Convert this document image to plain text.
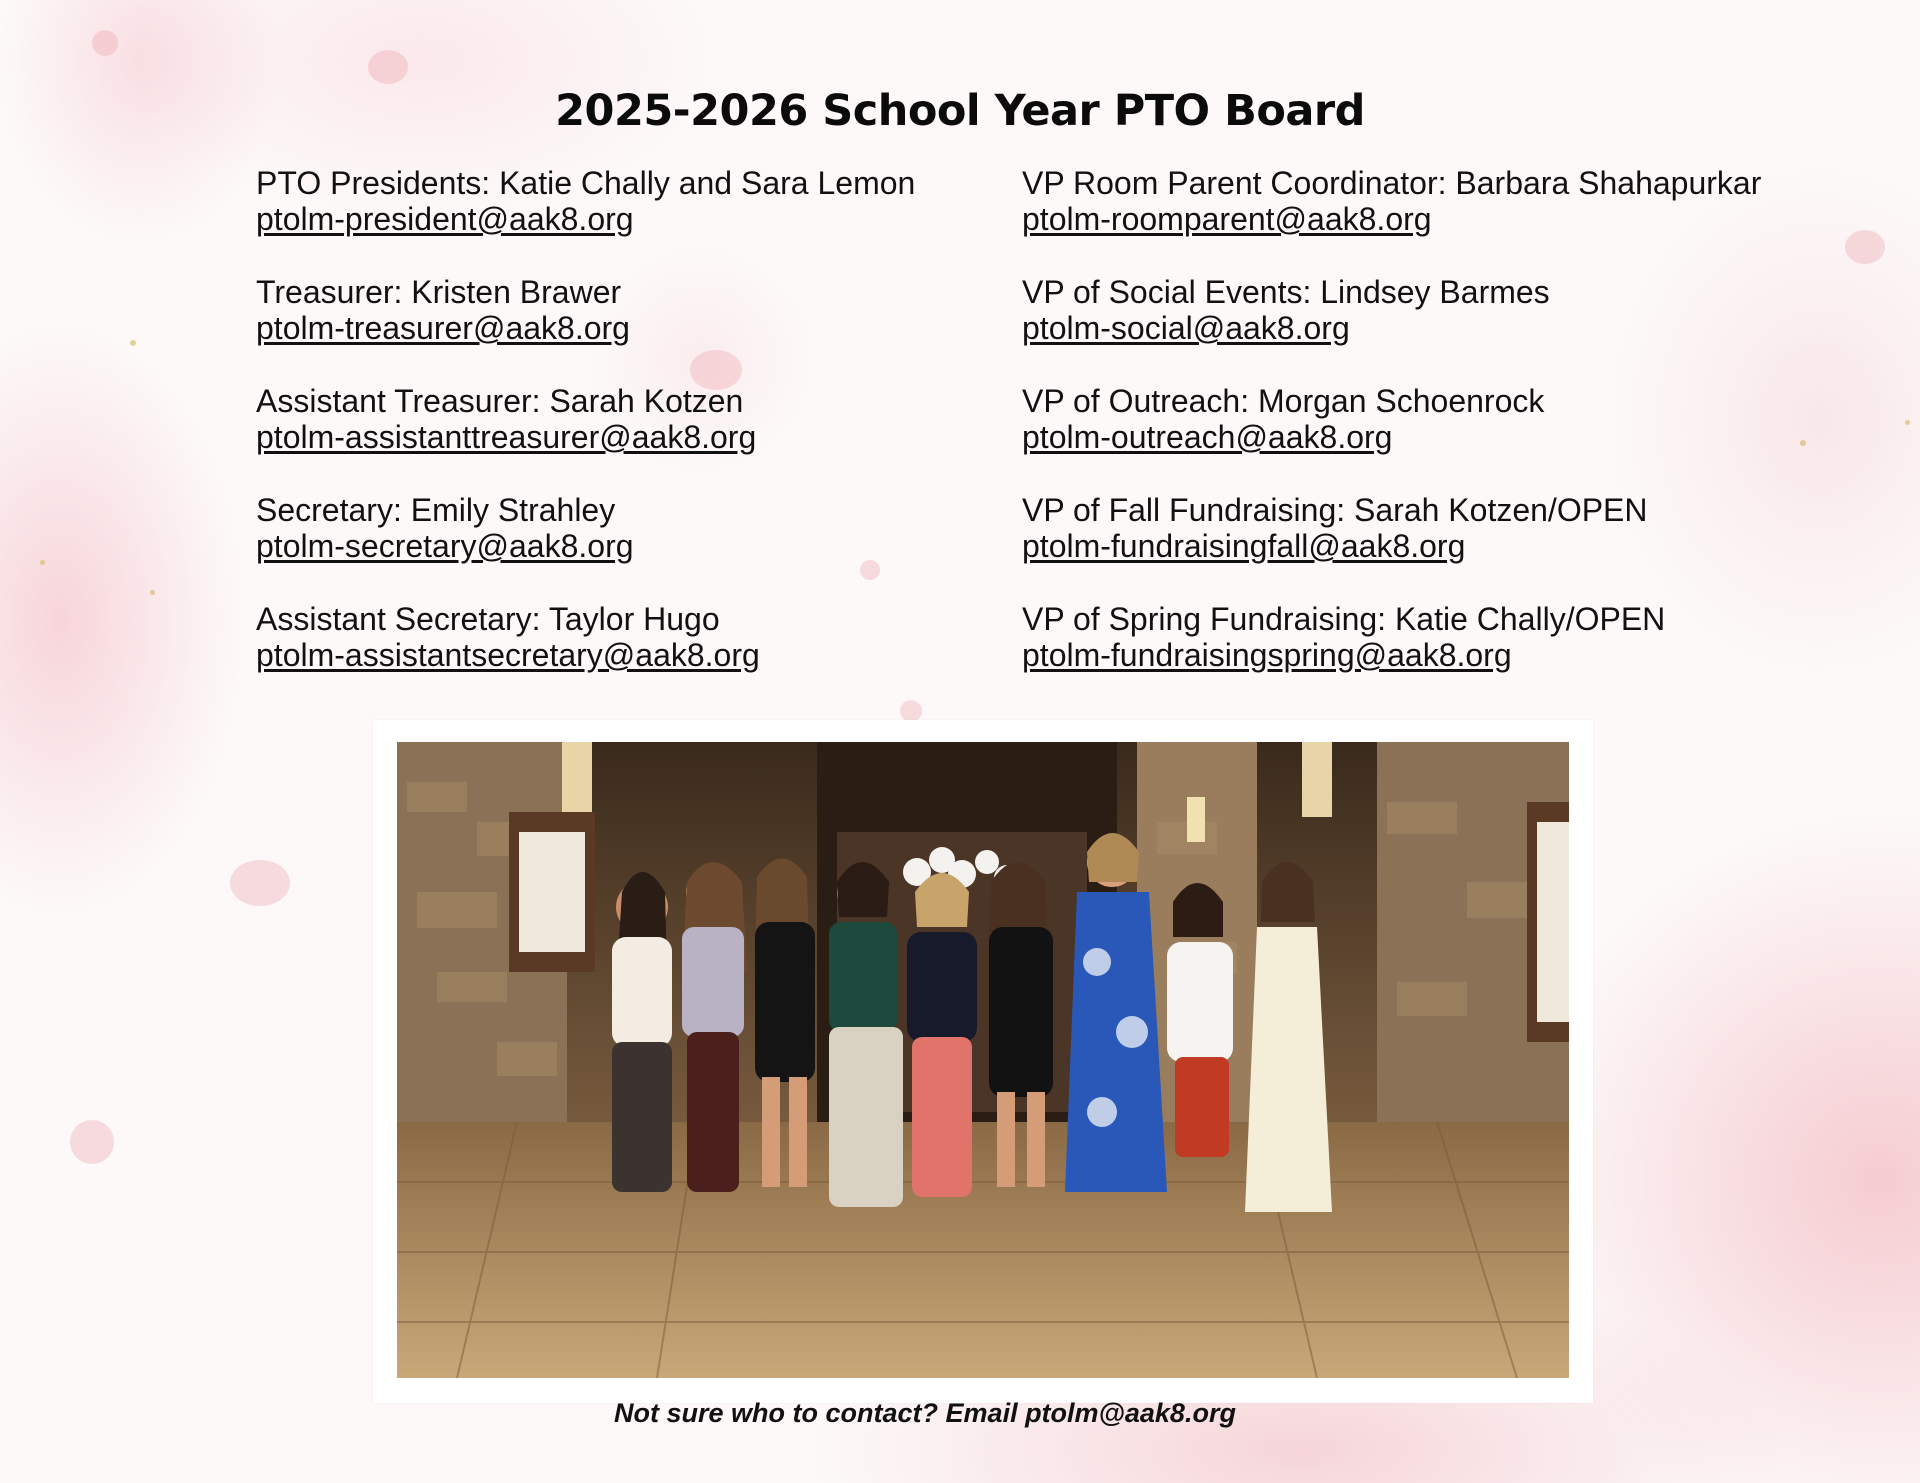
2025-2026 School Year PTO Board
PTO Presidents: Katie Chally and Sara Lemon
ptolm-president@aak8.org
Treasurer: Kristen Brawer
ptolm-treasurer@aak8.org
Assistant Treasurer: Sarah Kotzen
ptolm-assistanttreasurer@aak8.org
Secretary: Emily Strahley
ptolm-secretary@aak8.org
Assistant Secretary: Taylor Hugo
ptolm-assistantsecretary@aak8.org
VP Room Parent Coordinator: Barbara Shahapurkar
ptolm-roomparent@aak8.org
VP of Social Events: Lindsey Barmes
ptolm-social@aak8.org
VP of Outreach: Morgan Schoenrock
ptolm-outreach@aak8.org
VP of Fall Fundraising: Sarah Kotzen/OPEN
ptolm-fundraisingfall@aak8.org
VP of Spring Fundraising: Katie Chally/OPEN
ptolm-fundraisingspring@aak8.org
Not sure who to contact? Email ptolm@aak8.org
